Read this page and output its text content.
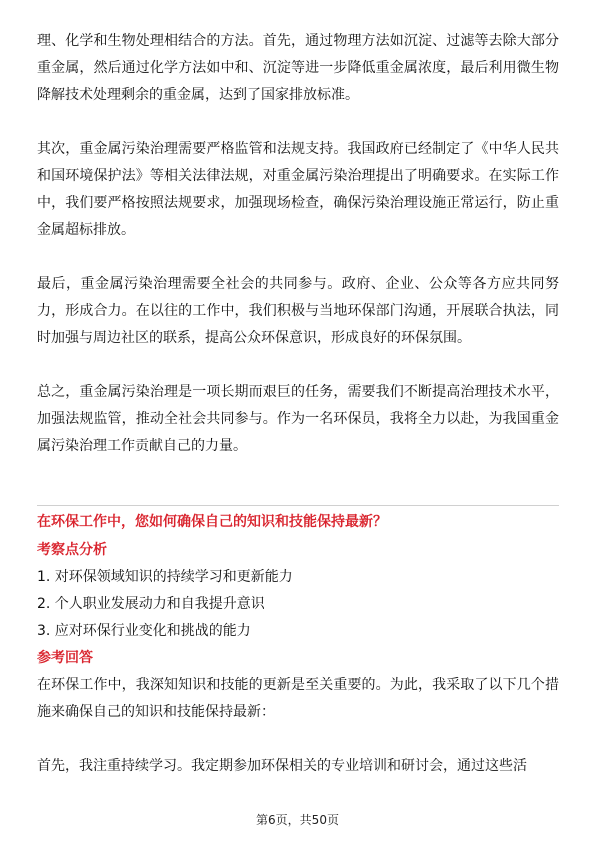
理、化学和生物处理相结合的方法。首先，通过物理方法如沉淀、过滤等去除大部分重金属，然后通过化学方法如中和、沉淀等进一步降低重金属浓度，最后利用微生物降解技术处理剩余的重金属，达到了国家排放标准。

其次，重金属污染治理需要严格监管和法规支持。我国政府已经制定了《中华人民共和国环境保护法》等相关法律法规，对重金属污染治理提出了明确要求。在实际工作中，我们要严格按照法规要求，加强现场检查，确保污染治理设施正常运行，防止重金属超标排放。

最后，重金属污染治理需要全社会的共同参与。政府、企业、公众等各方应共同努力，形成合力。在以往的工作中，我们积极与当地环保部门沟通，开展联合执法，同时加强与周边社区的联系，提高公众环保意识，形成良好的环保氛围。

总之，重金属污染治理是一项长期而艰巨的任务，需要我们不断提高治理技术水平，加强法规监管，推动全社会共同参与。作为一名环保员，我将全力以赴，为我国重金属污染治理工作贡献自己的力量。

在环保工作中，您如何确保自己的知识和技能保持最新？

考察点分析

1. 对环保领域知识的持续学习和更新能力

2. 个人职业发展动力和自我提升意识

3. 应对环保行业变化和挑战的能力

参考回答

在环保工作中，我深知知识和技能的更新是至关重要的。为此，我采取了以下几个措施来确保自己的知识和技能保持最新：

首先，我注重持续学习。我定期参加环保相关的专业培训和研讨会，通过这些活

第6页，共50页
